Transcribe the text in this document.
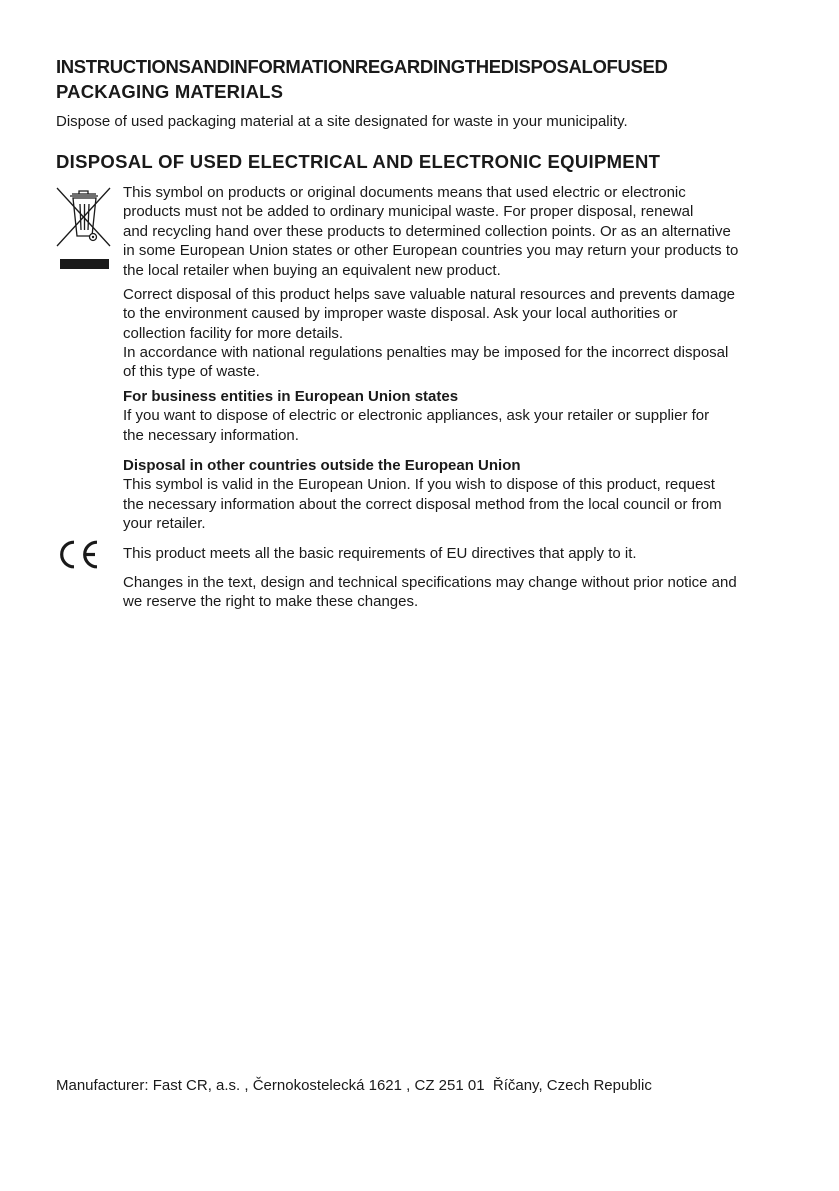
INSTRUCTIONSANDINFORMATIONREGARDINGTHEDISPOSALOFUSED
PACKAGING MATERIALS

Dispose of used packaging material at a site designated for waste in your municipality.

DISPOSAL OF USED ELECTRICAL AND ELECTRONIC EQUIPMENT
This symbol on products or original documents means that used electric or electronic
products must not be added to ordinary municipal waste. For proper disposal, renewal
and recycling hand over these products to determined collection points. Or as an alternative
in some European Union states or other European countries you may return your products to
the local retailer when buying an equivalent new product.
Correct disposal of this product helps save valuable natural resources and prevents damage
to the environment caused by improper waste disposal. Ask your local authorities or
collection facility for more details.
In accordance with national regulations penalties may be imposed for the incorrect disposal
of this type of waste.
For business entities in European Union states
If you want to dispose of electric or electronic appliances, ask your retailer or supplier for
the necessary information.
Disposal in other countries outside the European Union
This symbol is valid in the European Union. If you wish to dispose of this product, request
the necessary information about the correct disposal method from the local council or from
your retailer.
This product meets all the basic requirements of EU directives that apply to it.
Changes in the text, design and technical specifications may change without prior notice and
we reserve the right to make these changes.

Manufacturer: Fast CR, a.s. , Černokostelecká 1621 , CZ 251 01  Říčany, Czech Republic
